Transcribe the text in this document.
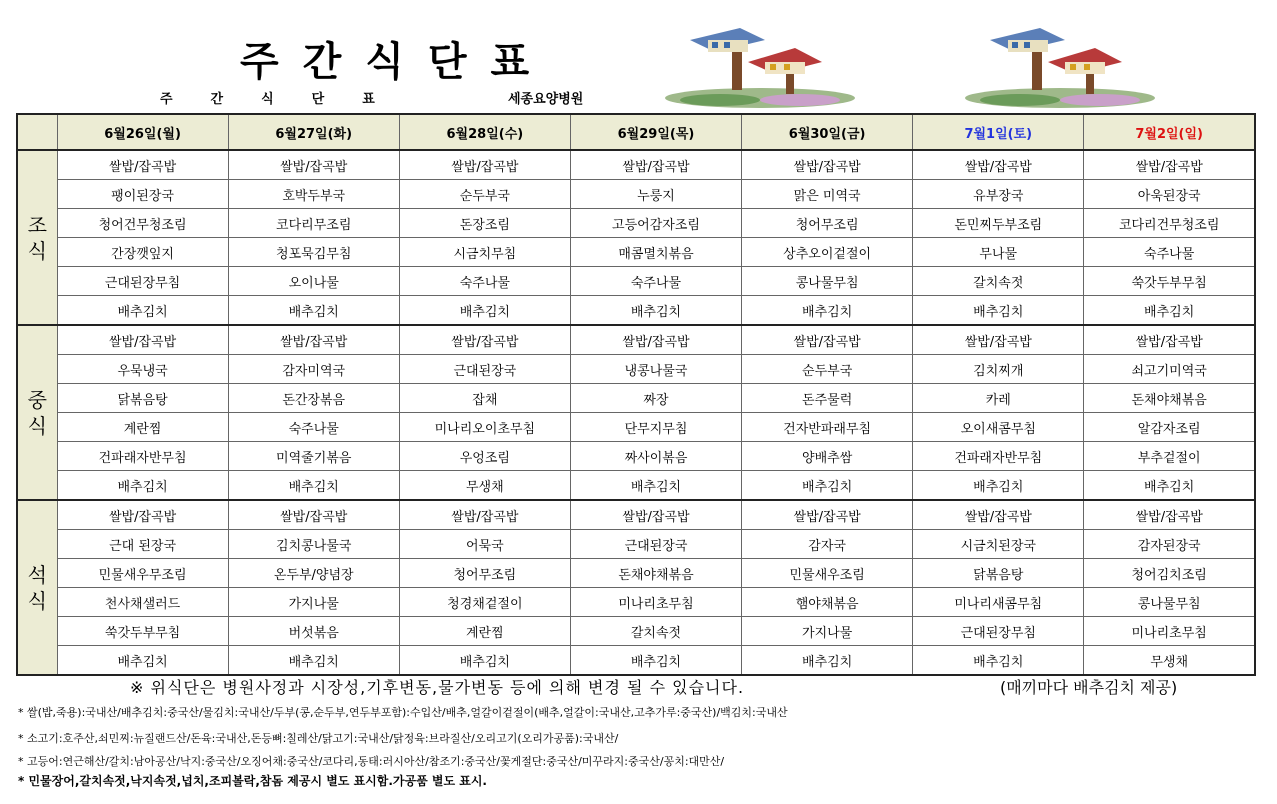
주간식단표
주간식단표	세종요양병원
	6월26일(월)	6월27일(화)	6월28일(수)	6월29일(목)	6월30일(금)	7월1일(토)	7월2일(일)
조식	쌀밥/잡곡밥	쌀밥/잡곡밥	쌀밥/잡곡밥	쌀밥/잡곡밥	쌀밥/잡곡밥	쌀밥/잡곡밥	쌀밥/잡곡밥
	팽이된장국	호박두부국	순두부국	누룽지	맑은 미역국	유부장국	아욱된장국
	청어건무청조림	코다리무조림	돈장조림	고등어감자조림	청어무조림	돈민찌두부조림	코다리건무청조림
	간장깻잎지	청포묵김무침	시금치무침	매콤멸치볶음	상추오이겉절이	무나물	숙주나물
	근대된장무침	오이나물	숙주나물	숙주나물	콩나물무침	갈치속젓	쑥갓두부무침
	배추김치	배추김치	배추김치	배추김치	배추김치	배추김치	배추김치
중식	쌀밥/잡곡밥	쌀밥/잡곡밥	쌀밥/잡곡밥	쌀밥/잡곡밥	쌀밥/잡곡밥	쌀밥/잡곡밥	쌀밥/잡곡밥
	우묵냉국	감자미역국	근대된장국	냉콩나물국	순두부국	김치찌개	쇠고기미역국
	닭볶음탕	돈간장볶음	잡채	짜장	돈주물럭	카레	돈채야채볶음
	계란찜	숙주나물	미나리오이초무침	단무지무침	건자반파래무침	오이새콤무침	알감자조림
	건파래자반무침	미역줄기볶음	우엉조림	짜사이볶음	양배추쌈	건파래자반무침	부추겉절이
	배추김치	배추김치	무생채	배추김치	배추김치	배추김치	배추김치
석식	쌀밥/잡곡밥	쌀밥/잡곡밥	쌀밥/잡곡밥	쌀밥/잡곡밥	쌀밥/잡곡밥	쌀밥/잡곡밥	쌀밥/잡곡밥
	근대 된장국	김치콩나물국	어묵국	근대된장국	감자국	시금치된장국	감자된장국
	민물새우무조림	온두부/양념장	청어무조림	돈채야채볶음	민물새우조림	닭볶음탕	청어김치조림
	천사채샐러드	가지나물	청경채겉절이	미나리초무침	햄야채볶음	미나리새콤무침	콩나물무침
	쑥갓두부무침	버섯볶음	계란찜	갈치속젓	가지나물	근대된장무침	미나리초무침
	배추김치	배추김치	배추김치	배추김치	배추김치	배추김치	무생채
※ 위식단은 병원사정과 시장성,기후변동,물가변동 등에 의해 변경 될 수 있습니다.	(매끼마다 배추김치 제공)
* 쌀(밥,죽용):국내산/배추김치:중국산/물김치:국내산/두부(콩,순두부,연두부포함):수입산/배추,얼갈이겉절이(배추,얼갈이:국내산,고추가루:중국산)/백김치:국내산
* 소고기:호주산,쇠민찌:뉴질랜드산/돈육:국내산,돈등뼈:칠레산/닭고기:국내산/닭정육:브라질산/오리고기(오리가공품):국내산/
* 고등어:연근해산/갈치:남아공산/낙지:중국산/오징어채:중국산/코다리,동태:러시아산/참조기:중국산/꽃게절단:중국산/미꾸라지:중국산/꽁치:대만산/
* 민물장어,갈치속젓,낙지속젓,넙치,조피볼락,참돔 제공시 별도 표시함.가공품 별도 표시.
